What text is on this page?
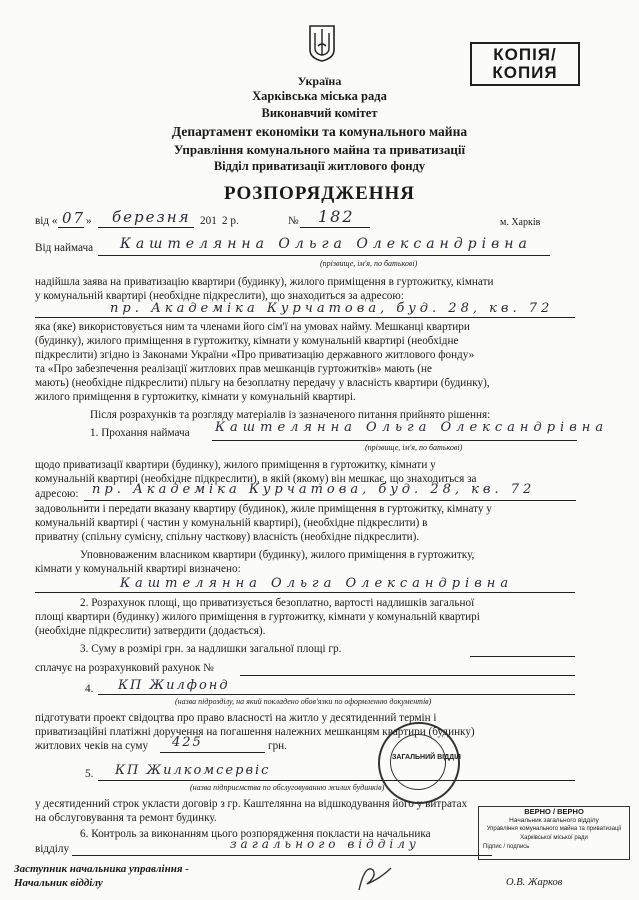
КОПІЯ/
КОПИЯ
Україна
Харківська міська рада
Виконавчий комітет
Департамент економіки та комунального майна
Управління комунального майна та приватизації
Відділ приватизації житлового фонду
РОЗПОРЯДЖЕННЯ
від « 07 » березня 201 2 р.	№ 182	м. Харків
Від наймача Каштелянна Ольга Олександрівна
(прізвище, ім'я, по батькові)
надійшла заява на приватизацію квартири (будинку), жилого приміщення в гуртожитку, кімнати
у комунальній квартирі (необхідне підкреслити), що знаходиться за адресою:
пр. Академіка Курчатова, буд. 28, кв. 72
яка (яке) використовується ним та членами його сім'ї на умовах найму. Мешканці квартири
(будинку), жилого приміщення в гуртожитку, кімнати у комунальній квартирі (необхідне
підкреслити) згідно із Законами України «Про приватизацію державного житлового фонду»
та «Про забезпечення реалізації житлових прав мешканців гуртожитків» мають (не
мають) (необхідне підкреслити) пільгу на безоплатну передачу у власність квартири (будинку),
жилого приміщення в гуртожитку, кімнати у комунальній квартирі.
Після розрахунків та розгляду матеріалів із зазначеного питання прийнято рішення:
1. Прохання наймача Каштелянна Ольга Олександрівна
(прізвище, ім'я, по батькові)
щодо приватизації квартири (будинку), жилого приміщення в гуртожитку, кімнати у
комунальній квартирі (необхідне підкреслити), в якій (якому) він мешкає, що знаходиться за
адресою: пр. Академіка Курчатова, буд. 28, кв. 72
задовольнити і передати вказану квартиру (будинок), жиле приміщення в гуртожитку, кімнату у
комунальній квартирі ( частин у комунальній квартирі), (необхідне підкреслити) в
приватну (спільну сумісну, спільну часткову) власність (необхідне підкреслити).
Уповноваженим власником квартири (будинку), жилого приміщення в гуртожитку,
кімнати у комунальній квартирі визначено:
Каштелянна Ольга Олександрівна
2. Розрахунок площі, що приватизується безоплатно, вартості надлишків загальної
площі квартири (будинку) жилого приміщення в гуртожитку, кімнати у комунальній квартирі
(необхідне підкреслити) затвердити (додається).
3. Суму в розмірі грн. за надлишки загальної площі гр.
сплачує на розрахунковий рахунок №
4. КП Жилфонд
(назва підрозділу, на який покладено обов'язки по оформленню документів)
підготувати проект свідоцтва про право власності на житло у десятиденний термін і
приватизаційні платіжні доручення на погашення належних мешканцям квартири (будинку)
житлових чеків на суму 425	грн.
5. КП Жилкомсервіс
(назва підприємства по обслуговуванню жилих будинків)
у десятиденний строк укласти договір з гр. Каштелянна на відшкодування його у витратах
на обслуговування та ремонт будинку.
6. Контроль за виконанням цього розпорядження покласти на начальника
відділу	загального відділу
Заступник начальника управління -
Начальник відділу	О.В. Жарков
ЗАГАЛЬНИЙ ВІДДІЛ
ВЕРНО / ВЕРНО
Начальник загального відділу
Управління комунального майна та приватизації
Харківської міської ради
Підпис / подпись
